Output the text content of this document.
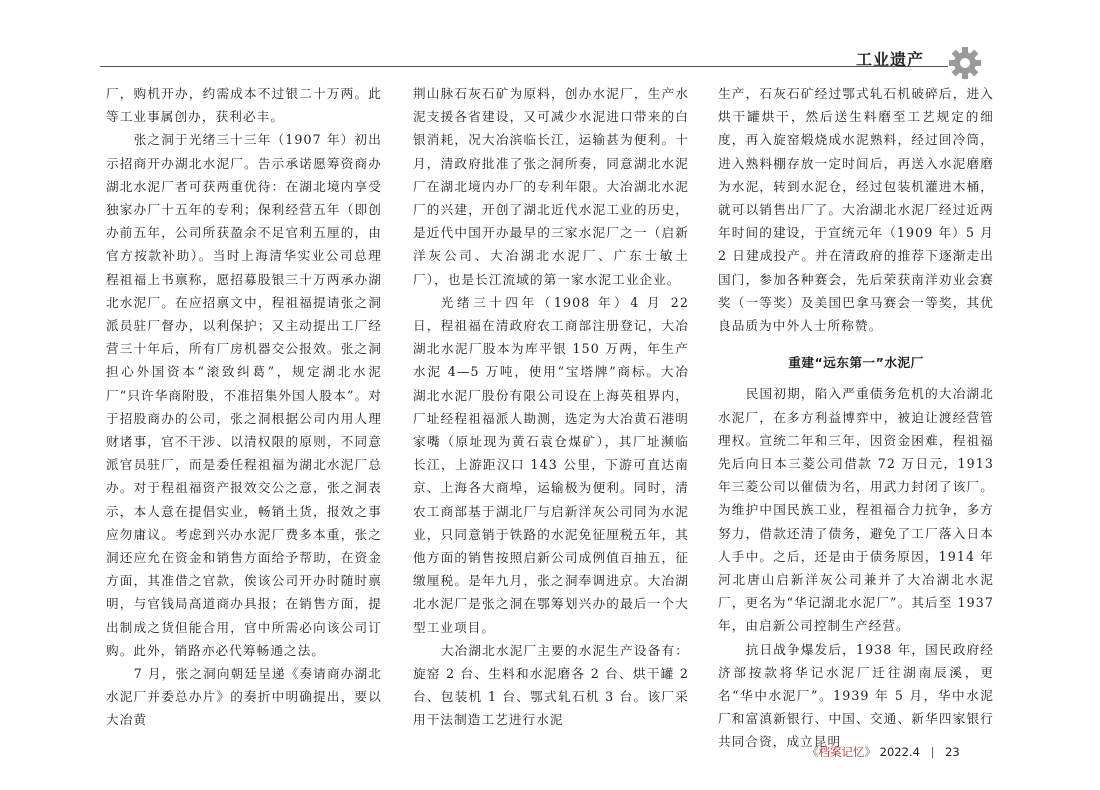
工业遗产

厂，购机开办，约需成本不过银二十万两。此等工业事属创办，获利必丰。

张之洞于光绪三十三年（1907 年）初出示招商开办湖北水泥厂。告示承诺愿筹资商办湖北水泥厂者可获两重优待：在湖北境内享受独家办厂十五年的专利；保利经营五年（即创办前五年，公司所获盈余不足官利五厘的，由官方按款补助）。当时上海清华实业公司总理程祖福上书禀称，愿招募股银三十万两承办湖北水泥厂。在应招禀文中，程祖福提请张之洞派员驻厂督办，以利保护；又主动提出工厂经营三十年后，所有厂房机器交公报效。张之洞担心外国资本“滚致纠葛”，规定湖北水泥厂“只许华商附股，不准招集外国人股本”。对于招股商办的公司，张之洞根据公司内用人理财诸事，官不干涉、以清权限的原则，不同意派官员驻厂，而是委任程祖福为湖北水泥厂总办。对于程祖福资产报效交公之意，张之洞表示，本人意在提倡实业，畅销土货，报效之事应勿庸议。考虑到兴办水泥厂费多本重，张之洞还应允在资金和销售方面给予帮助，在资金方面，其准借之官款，俟该公司开办时随时禀明，与官钱局高道商办具报；在销售方面，提出制成之货但能合用，官中所需必向该公司订购。此外，销路亦必代筹畅通之法。

7 月，张之洞向朝廷呈递《奏请商办湖北水泥厂并委总办片》的奏折中明确提出，要以大冶黄

荆山脉石灰石矿为原料，创办水泥厂，生产水泥支援各省建设，又可减少水泥进口带来的白银消耗，况大冶滨临长江，运输甚为便利。十月，清政府批准了张之洞所奏，同意湖北水泥厂在湖北境内办厂的专利年限。大冶湖北水泥厂的兴建，开创了湖北近代水泥工业的历史，是近代中国开办最早的三家水泥厂之一（启新洋灰公司、大冶湖北水泥厂、广东士敏土厂），也是长江流域的第一家水泥工业企业。

光绪三十四年（1908 年）4 月 22 日，程祖福在清政府农工商部注册登记，大冶湖北水泥厂股本为库平银 150 万两，年生产水泥 4—5 万吨，使用“宝塔牌”商标。大冶湖北水泥厂股份有限公司设在上海英租界内，厂址经程祖福派人勘测，选定为大冶黄石港明家嘴（原址现为黄石袁仓煤矿），其厂址濒临长江，上游距汉口 143 公里，下游可直达南京、上海各大商埠，运输极为便利。同时，清农工商部基于湖北厂与启新洋灰公司同为水泥业，只同意销于铁路的水泥免征厘税五年，其他方面的销售按照启新公司成例值百抽五，征缴厘税。是年九月，张之洞奉调进京。大冶湖北水泥厂是张之洞在鄂筹划兴办的最后一个大型工业项目。

大冶湖北水泥厂主要的水泥生产设备有：旋窑 2 台、生料和水泥磨各 2 台、烘干罐 2 台、包装机 1 台、鄂式轧石机 3 台。该厂采用干法制造工艺进行水泥

生产，石灰石矿经过鄂式轧石机破碎后，进入烘干罐烘干，然后送生料磨至工艺规定的细度，再入旋窑煅烧成水泥熟料，经过回冷筒，进入熟料棚存放一定时间后，再送入水泥磨磨为水泥，转到水泥仓，经过包装机灌进木桶，就可以销售出厂了。大冶湖北水泥厂经过近两年时间的建设，于宣统元年（1909 年）5 月 2 日建成投产。并在清政府的推荐下逐渐走出国门，参加各种赛会，先后荣获南洋劝业会赛奖（一等奖）及美国巴拿马赛会一等奖，其优良品质为中外人士所称赞。

重建“远东第一”水泥厂

民国初期，陷入严重债务危机的大冶湖北水泥厂，在多方利益博弈中，被迫让渡经营管理权。宣统二年和三年，因资金困难，程祖福先后向日本三菱公司借款 72 万日元，1913 年三菱公司以催债为名，用武力封闭了该厂。为维护中国民族工业，程祖福合力抗争，多方努力，借款还清了债务，避免了工厂落入日本人手中。之后，还是由于债务原因，1914 年河北唐山启新洋灰公司兼并了大冶湖北水泥厂，更名为“华记湖北水泥厂”。其后至 1937 年，由启新公司控制生产经营。

抗日战争爆发后，1938 年，国民政府经济部按款将华记水泥厂迁往湖南辰溪，更名“华中水泥厂”。1939 年 5 月，华中水泥厂和富滇新银行、中国、交通、新华四家银行共同合资，成立昆明

《档案记忆》 2022.4 | 23
